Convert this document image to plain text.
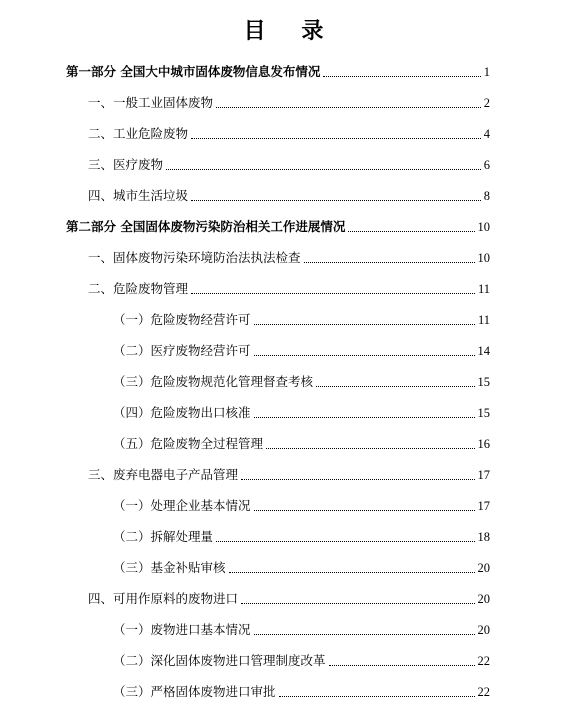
目 录
第一部分 全国大中城市固体废物信息发布情况	1
一、一般工业固体废物	2
二、工业危险废物	4
三、医疗废物	6
四、城市生活垃圾	8
第二部分 全国固体废物污染防治相关工作进展情况	10
一、固体废物污染环境防治法执法检查	10
二、危险废物管理	11
（一）危险废物经营许可	11
（二）医疗废物经营许可	14
（三）危险废物规范化管理督查考核	15
（四）危险废物出口核准	15
（五）危险废物全过程管理	16
三、废弃电器电子产品管理	17
（一）处理企业基本情况	17
（二）拆解处理量	18
（三）基金补贴审核	20
四、可用作原料的废物进口	20
（一）废物进口基本情况	20
（二）深化固体废物进口管理制度改革	22
（三）严格固体废物进口审批	22
